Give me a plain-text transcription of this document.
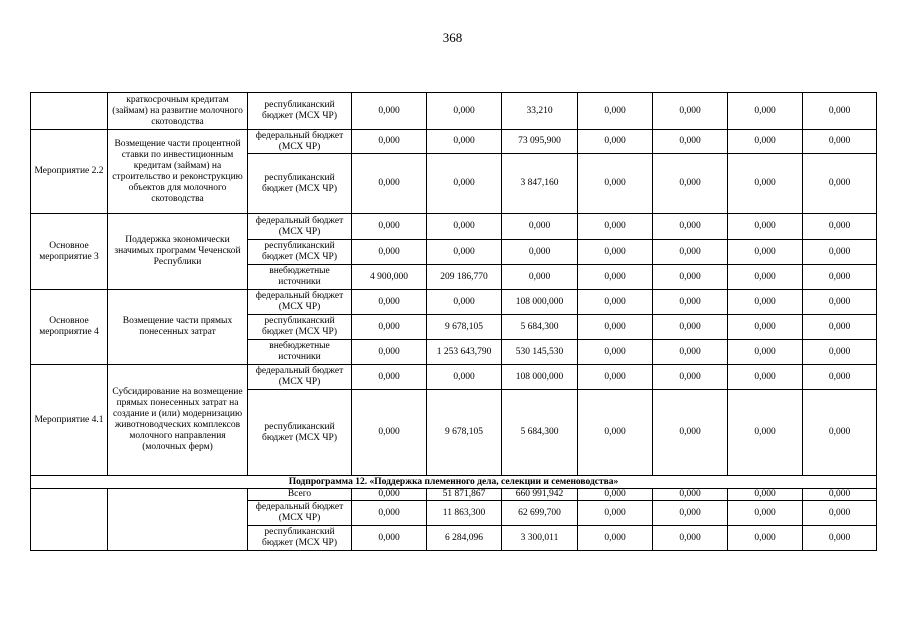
368
	краткосрочным кредитам (займам) на развитие молочного скотоводства	республиканский бюджет (МСХ ЧР)	0,000	0,000	33,210	0,000	0,000	0,000	0,000
Мероприятие 2.2	Возмещение части процентной ставки по инвестиционным кредитам (займам) на строительство и реконструкцию объектов для молочного скотоводства	федеральный бюджет (МСХ ЧР)	0,000	0,000	73 095,900	0,000	0,000	0,000	0,000
		республиканский бюджет (МСХ ЧР)	0,000	0,000	3 847,160	0,000	0,000	0,000	0,000
Основное мероприятие 3	Поддержка экономически значимых программ Чеченской Республики	федеральный бюджет (МСХ ЧР)	0,000	0,000	0,000	0,000	0,000	0,000	0,000
		республиканский бюджет (МСХ ЧР)	0,000	0,000	0,000	0,000	0,000	0,000	0,000
		внебюджетные источники	4 900,000	209 186,770	0,000	0,000	0,000	0,000	0,000
Основное мероприятие 4	Возмещение части прямых понесенных затрат	федеральный бюджет (МСХ ЧР)	0,000	0,000	108 000,000	0,000	0,000	0,000	0,000
		республиканский бюджет (МСХ ЧР)	0,000	9 678,105	5 684,300	0,000	0,000	0,000	0,000
		внебюджетные источники	0,000	1 253 643,790	530 145,530	0,000	0,000	0,000	0,000
Мероприятие 4.1	Субсидирование на возмещение прямых понесенных затрат на создание и (или) модернизацию животноводческих комплексов молочного направления (молочных ферм)	федеральный бюджет (МСХ ЧР)	0,000	0,000	108 000,000	0,000	0,000	0,000	0,000
		республиканский бюджет (МСХ ЧР)	0,000	9 678,105	5 684,300	0,000	0,000	0,000	0,000
Подпрограмма 12. «Поддержка племенного дела, селекции и семеноводства»									
		Всего	0,000	51 871,867	660 991,942	0,000	0,000	0,000	0,000
		федеральный бюджет (МСХ ЧР)	0,000	11 863,300	62 699,700	0,000	0,000	0,000	0,000
		республиканский бюджет (МСХ ЧР)	0,000	6 284,096	3 300,011	0,000	0,000	0,000	0,000
